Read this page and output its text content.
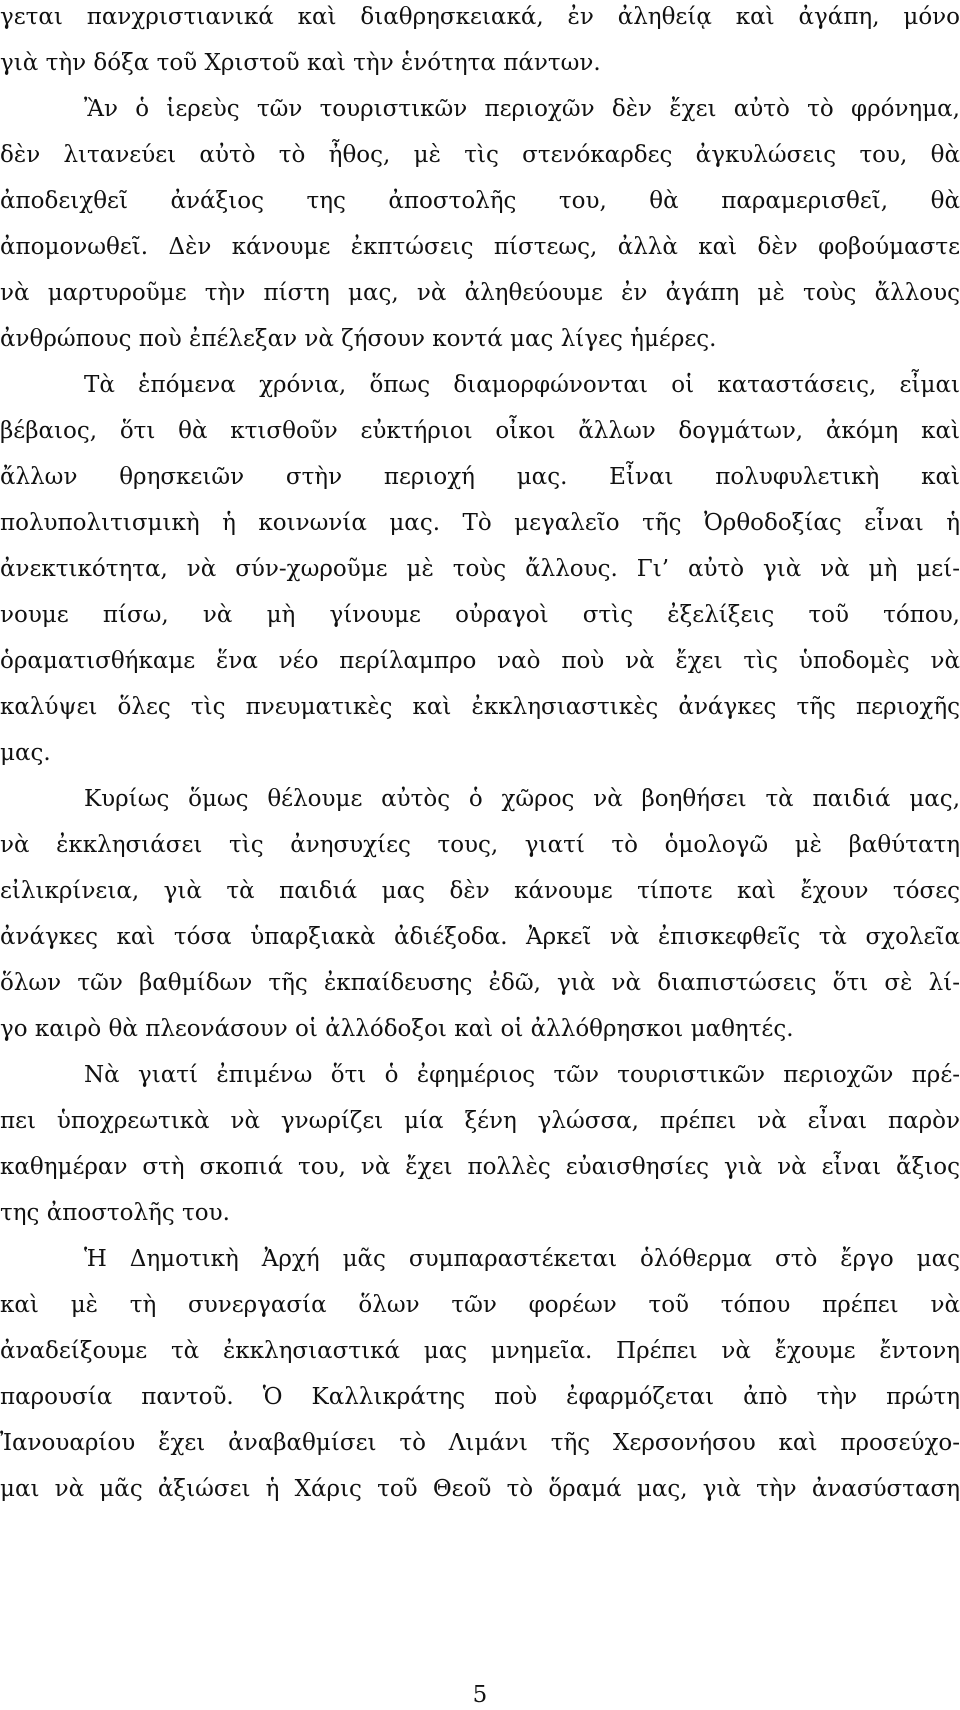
γεται πανχριστιανικά καὶ διαθρησκειακά, ἐν ἀληθείᾳ καὶ ἀγάπη, μόνο
γιὰ τὴν δόξα τοῦ Χριστοῦ καὶ τὴν ἑνότητα πάντων.
Ἂν ὁ ἱερεὺς τῶν τουριστικῶν περιοχῶν δὲν ἔχει αὐτὸ τὸ φρόνημα,
δὲν λιτανεύει αὐτὸ τὸ ἦθος, μὲ τὶς στενόκαρδες ἀγκυλώσεις του, θὰ
ἀποδειχθεῖ ἀνάξιος της ἀποστολῆς του, θὰ παραμερισθεῖ, θὰ
ἀπομονωθεῖ. Δὲν κάνουμε ἐκπτώσεις πίστεως, ἀλλὰ καὶ δὲν φοβούμαστε
νὰ μαρτυροῦμε τὴν πίστη μας, νὰ ἀληθεύουμε ἐν ἀγάπη μὲ τοὺς ἄλλους
ἀνθρώπους ποὺ ἐπέλεξαν νὰ ζήσουν κοντά μας λίγες ἡμέρες.
Τὰ ἑπόμενα χρόνια, ὅπως διαμορφώνονται οἱ καταστάσεις, εἶμαι
βέβαιος, ὅτι θὰ κτισθοῦν εὐκτήριοι οἶκοι ἄλλων δογμάτων, ἀκόμη καὶ
ἄλλων θρησκειῶν στὴν περιοχή μας. Εἶναι πολυφυλετικὴ καὶ
πολυπολιτισμικὴ ἡ κοινωνία μας. Τὸ μεγαλεῖο τῆς Ὀρθοδοξίας εἶναι ἡ
ἀνεκτικότητα, νὰ σύν-χωροῦμε μὲ τοὺς ἄλλους. Γι’ αὐτὸ γιὰ νὰ μὴ μεί-
νουμε πίσω, νὰ μὴ γίνουμε οὐραγοὶ στὶς ἐξελίξεις τοῦ τόπου,
ὁραματισθήκαμε ἕνα νέο περίλαμπρο ναὸ ποὺ νὰ ἔχει τὶς ὑποδομὲς νὰ
καλύψει ὅλες τὶς πνευματικὲς καὶ ἐκκλησιαστικὲς ἀνάγκες τῆς περιοχῆς
μας.
Κυρίως ὅμως θέλουμε αὐτὸς ὁ χῶρος νὰ βοηθήσει τὰ παιδιά μας,
νὰ ἐκκλησιάσει τὶς ἀνησυχίες τους, γιατί τὸ ὁμολογῶ μὲ βαθύτατη
εἰλικρίνεια, γιὰ τὰ παιδιά μας δὲν κάνουμε τίποτε καὶ ἔχουν τόσες
ἀνάγκες καὶ τόσα ὑπαρξιακὰ ἀδιέξοδα. Ἀρκεῖ νὰ ἐπισκεφθεῖς τὰ σχολεῖα
ὅλων τῶν βαθμίδων τῆς ἐκπαίδευσης ἐδῶ, γιὰ νὰ διαπιστώσεις ὅτι σὲ λί-
γο καιρὸ θὰ πλεονάσουν οἱ ἀλλόδοξοι καὶ οἱ ἀλλόθρησκοι μαθητές.
Νὰ γιατί ἐπιμένω ὅτι ὁ ἐφημέριος τῶν τουριστικῶν περιοχῶν πρέ-
πει ὑποχρεωτικὰ νὰ γνωρίζει μία ξένη γλώσσα, πρέπει νὰ εἶναι παρὸν
καθημέραν στὴ σκοπιά του, νὰ ἔχει πολλὲς εὐαισθησίες γιὰ νὰ εἶναι ἄξιος
της ἀποστολῆς του.
Ἡ Δημοτικὴ Ἀρχή μᾶς συμπαραστέκεται ὁλόθερμα στὸ ἔργο μας
καὶ μὲ τὴ συνεργασία ὅλων τῶν φορέων τοῦ τόπου πρέπει νὰ
ἀναδείξουμε τὰ ἐκκλησιαστικά μας μνημεῖα. Πρέπει νὰ ἔχουμε ἔντονη
παρουσία παντοῦ. Ὁ Καλλικράτης ποὺ ἐφαρμόζεται ἀπὸ τὴν πρώτη
Ἰανουαρίου ἔχει ἀναβαθμίσει τὸ Λιμάνι τῆς Χερσονήσου καὶ προσεύχο-
μαι νὰ μᾶς ἀξιώσει ἡ Χάρις τοῦ Θεοῦ τὸ ὅραμά μας, γιὰ τὴν ἀνασύσταση
5
